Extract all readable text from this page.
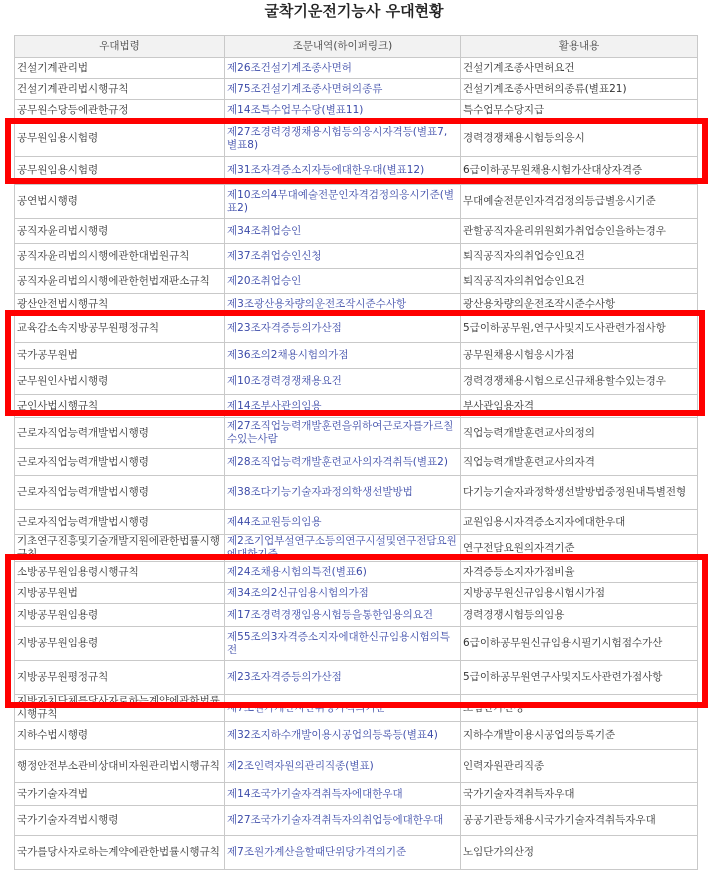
굴착기운전기능사 우대현황
우대법령	조문내역(하이퍼링크)	활용내용
건설기계관리법	제26조건설기계조종사면허	건설기계조종사면허요건
건설기계관리법시행규칙	제75조건설기계조종사면허의종류	건설기계조종사면허의종류(별표21)
공무원수당등에관한규정	제14조특수업무수당(별표11)	특수업무수당지급
공무원임용시험령	제27조경력경쟁채용시험등의응시자격등(별표7, 별표8)	경력경쟁채용시험등의응시
공무원임용시험령	제31조자격증소지자등에대한우대(별표12)	6급이하공무원채용시험가산대상자격증
공연법시행령	제10조의4무대예술전문인자격검정의응시기준(별표2)	무대예술전문인자격검정의등급별응시기준
공직자윤리법시행령	제34조취업승인	관할공직자윤리위원회가취업승인을하는경우
공직자윤리법의시행에관한대법원규칙	제37조취업승인신청	퇴직공직자의취업승인요건
공직자윤리법의시행에관한헌법재판소규칙	제20조취업승인	퇴직공직자의취업승인요건
광산안전법시행규칙	제3조광산용차량의운전조작시준수사항	광산용차량의운전조작시준수사항
교육감소속지방공무원평정규칙	제23조자격증등의가산점	5급이하공무원,연구사및지도사관련가점사항
국가공무원법	제36조의2채용시험의가점	공무원채용시험응시가점
군무원인사법시행령	제10조경력경쟁채용요건	경력경쟁채용시험으로신규채용할수있는경우
군인사법시행규칙	제14조부사관의임용	부사관임용자격
근로자직업능력개발법시행령	제27조직업능력개발훈련을위하여근로자를가르칠수있는사람	직업능력개발훈련교사의정의
근로자직업능력개발법시행령	제28조직업능력개발훈련교사의자격취득(별표2)	직업능력개발훈련교사의자격
근로자직업능력개발법시행령	제38조다기능기술자과정의학생선발방법	다기능기술자과정학생선발방법중정원내특별전형
근로자직업능력개발법시행령	제44조교원등의임용	교원임용시자격증소지자에대한우대
기초연구진흥및기술개발지원에관한법률시행규칙	제2조기업부설연구소등의연구시설및연구전담요원에대한기준	연구전담요원의자격기준
소방공무원임용령시행규칙	제24조채용시험의특전(별표6)	자격증등소지자가점비율
지방공무원법	제34조의2신규임용시험의가점	지방공무원신규임용시험시가점
지방공무원임용령	제17조경력경쟁임용시험등을통한임용의요건	경력경쟁시험등의임용
지방공무원임용령	제55조의3자격증소지자에대한신규임용시험의특전	6급이하공무원신규임용시필기시험점수가산
지방공무원평정규칙	제23조자격증등의가산점	5급이하공무원연구사및지도사관련가점사항
지방자치단체를당사자로하는계약에관한법률시행규칙	제7조원가계산시단위당가격의기준	노임단가산정
지하수법시행령	제32조지하수개발이용시공업의등록등(별표4)	지하수개발이용시공업의등록기준
행정안전부소관비상대비자원관리법시행규칙	제2조인력자원의관리직종(별표)	인력자원관리직종
국가기술자격법	제14조국가기술자격취득자에대한우대	국가기술자격취득자우대
국가기술자격법시행령	제27조국가기술자격취득자의취업등에대한우대	공공기관등채용시국가기술자격취득자우대
국가를당사자로하는계약에관한법률시행규칙	제7조원가계산을할때단위당가격의기준	노임단가의산정
